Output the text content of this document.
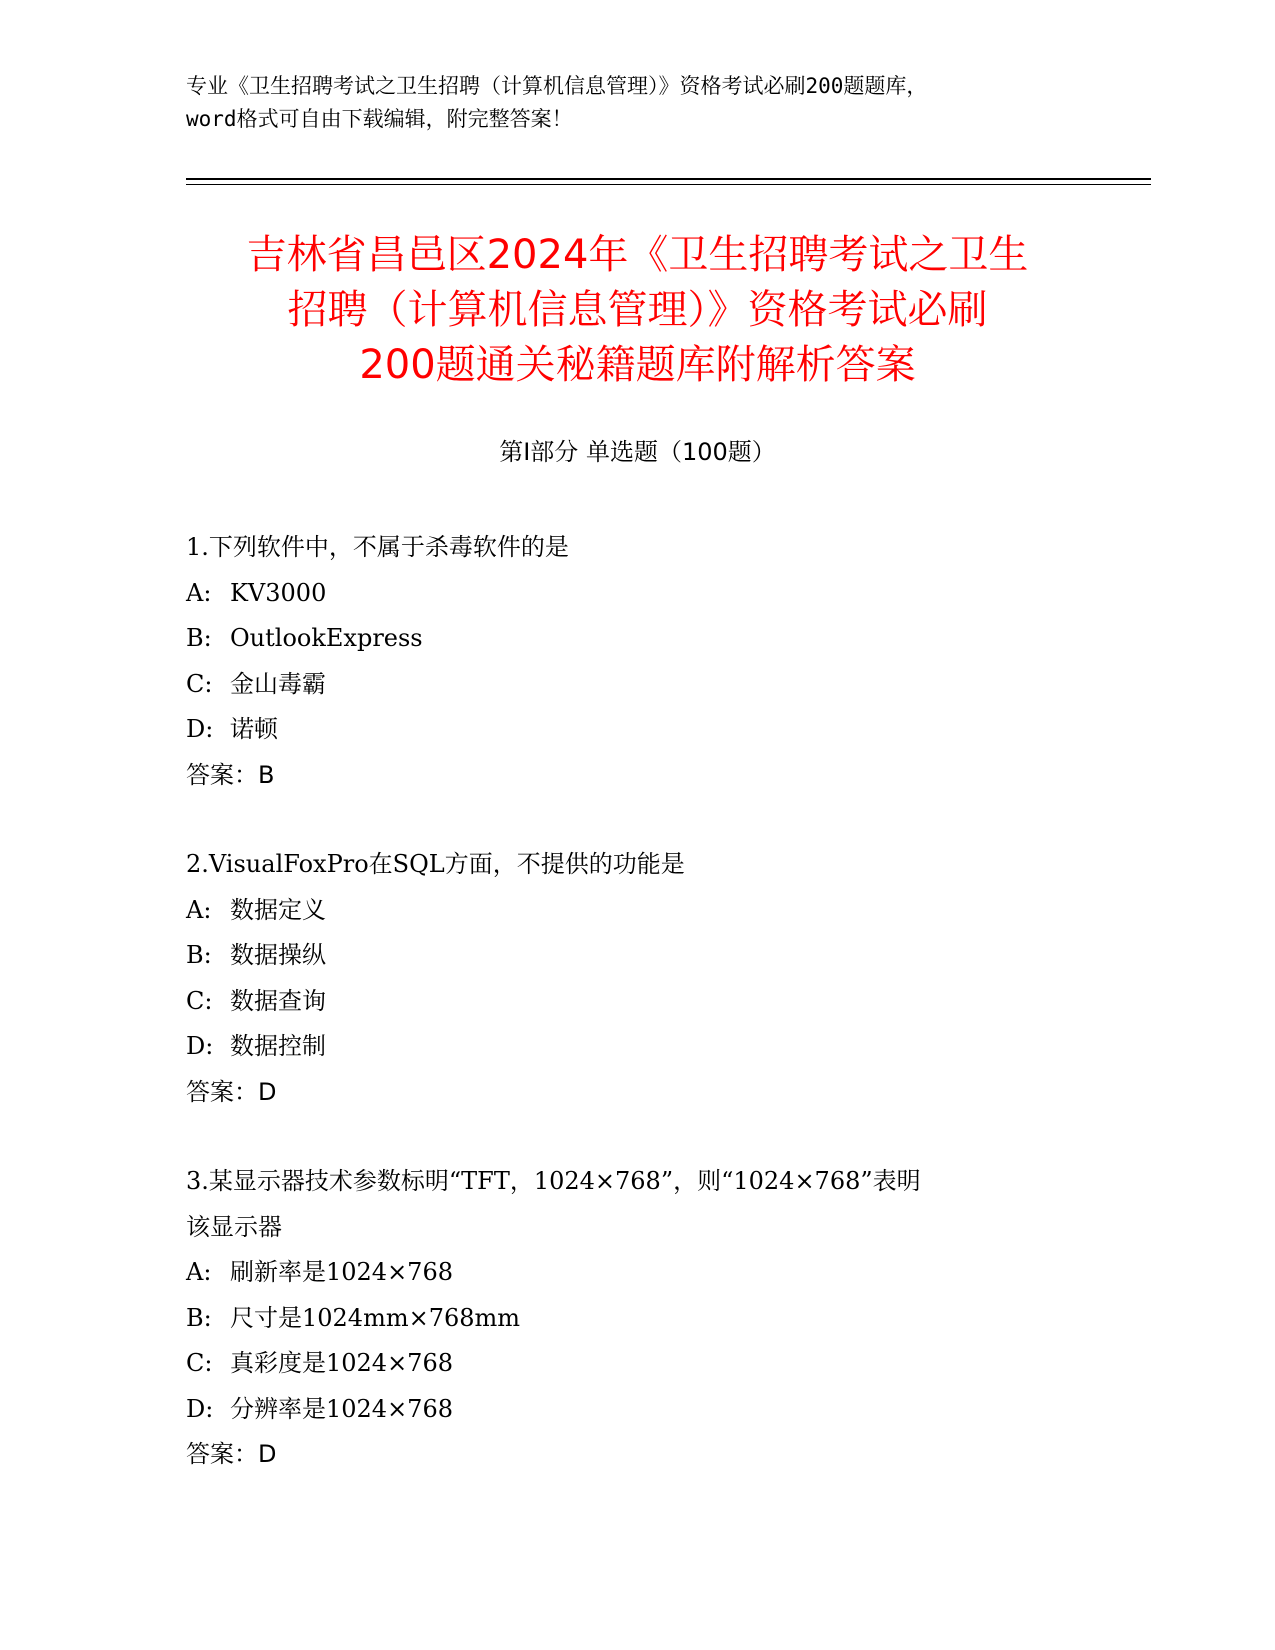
专业《卫生招聘考试之卫生招聘（计算机信息管理）》资格考试必刷200题题库，
word格式可自由下载编辑，附完整答案！
吉林省昌邑区2024年《卫生招聘考试之卫生
招聘（计算机信息管理）》资格考试必刷
200题通关秘籍题库附解析答案
第Ⅰ部分 单选题（100题）
1.下列软件中，不属于杀毒软件的是
A: KV3000
B: OutlookExpress
C: 金山毒霸
D: 诺顿
答案：B
2.VisualFoxPro在SQL方面，不提供的功能是
A: 数据定义
B: 数据操纵
C: 数据查询
D: 数据控制
答案：D
3.某显示器技术参数标明“TFT，1024×768”，则“1024×768”表明
该显示器
A: 刷新率是1024×768
B: 尺寸是1024mm×768mm
C: 真彩度是1024×768
D: 分辨率是1024×768
答案：D
